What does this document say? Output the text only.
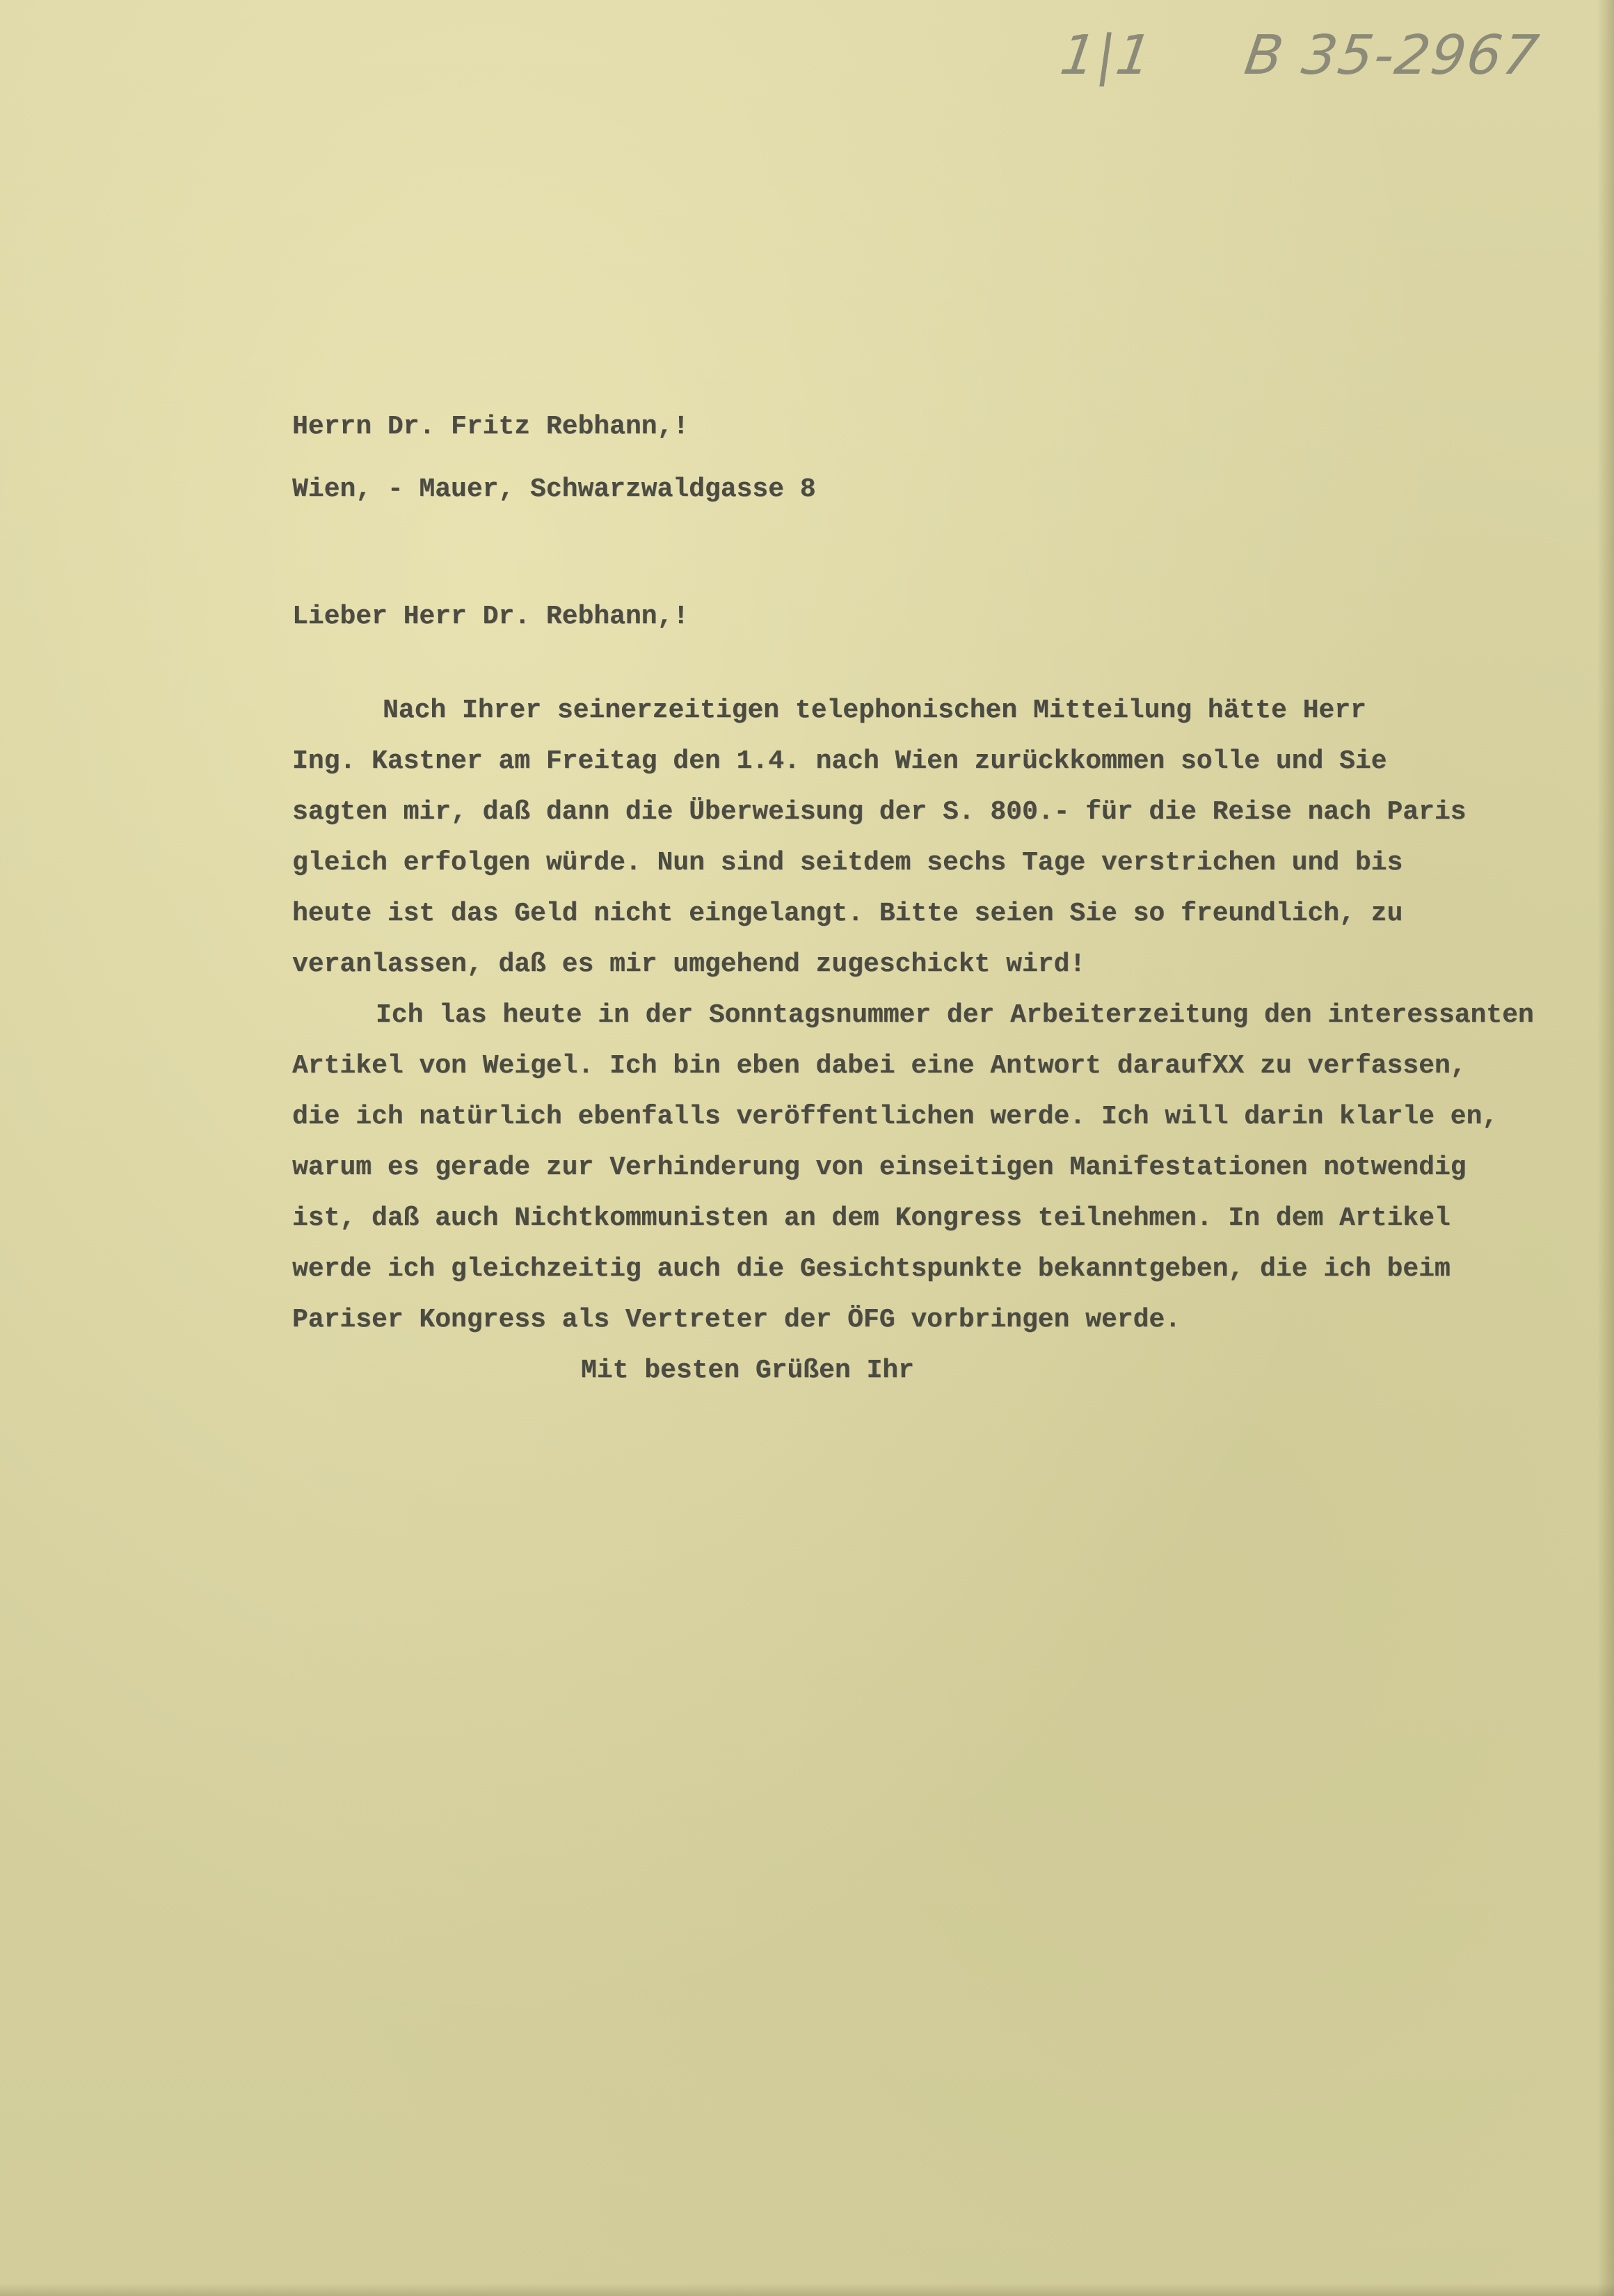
1|1 B 35-2967
Herrn Dr. Fritz Rebhann,!
Wien, - Mauer, Schwarzwaldgasse 8
Lieber Herr Dr. Rebhann,!
Nach Ihrer seinerzeitigen telephonischen Mitteilung hätte Herr
Ing. Kastner am Freitag den 1.4. nach Wien zurückkommen solle und Sie
sagten mir, daß dann die Überweisung der S. 800.- für die Reise nach Paris
gleich erfolgen würde. Nun sind seitdem sechs Tage verstrichen und bis
heute ist das Geld nicht eingelangt. Bitte seien Sie so freundlich, zu
veranlassen, daß es mir umgehend zugeschickt wird!
Ich las heute in der Sonntagsnummer der Arbeiterzeitung den interessanten
Artikel von Weigel. Ich bin eben dabei eine Antwort daraufXX zu verfassen,
die ich natürlich ebenfalls veröffentlichen werde. Ich will darin klarle en,
warum es gerade zur Verhinderung von einseitigen Manifestationen notwendig
ist, daß auch Nichtkommunisten an dem Kongress teilnehmen. In dem Artikel
werde ich gleichzeitig auch die Gesichtspunkte bekanntgeben, die ich beim
Pariser Kongress als Vertreter der ÖFG vorbringen werde.
Mit besten Grüßen Ihr
